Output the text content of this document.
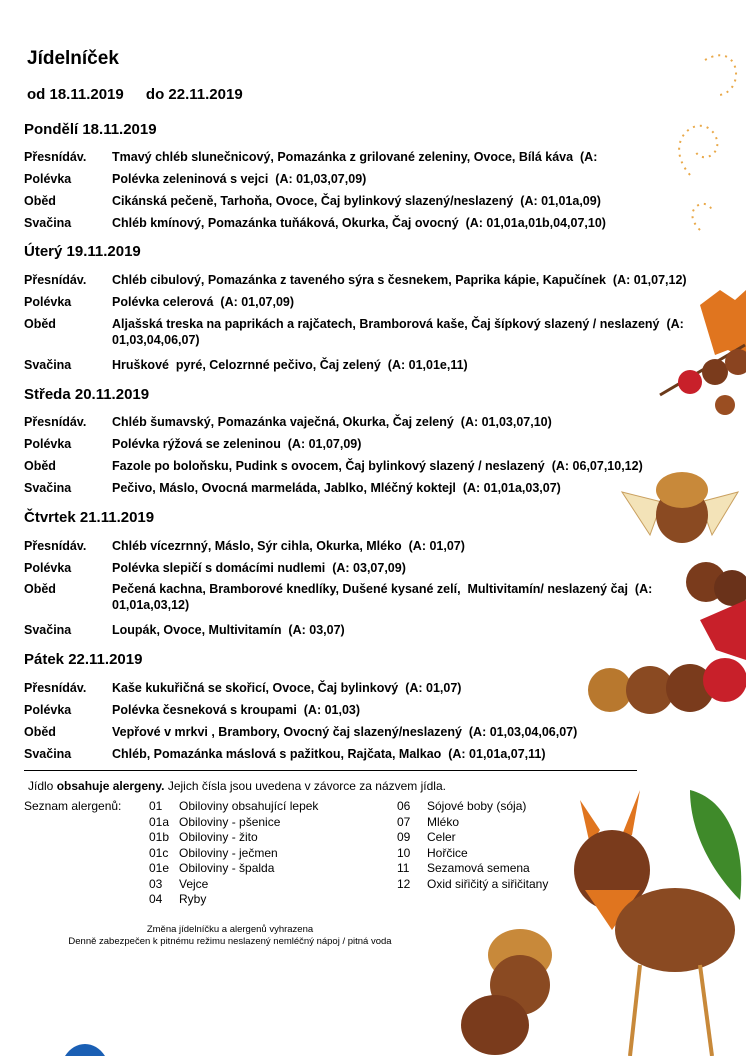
Jídelníček
od 18.11.2019 do 22.11.2019
Pondělí 18.11.2019
Přesnídáv.	Tmavý chléb slunečnicový, Pomazánka z grilované zeleniny, Ovoce, Bílá káva  (A:
Polévka	Polévka zeleninová s vejci  (A: 01,03,07,09)
Oběd	Cikánská pečeně, Tarhoňa, Ovoce, Čaj bylinkový slazený/neslazený  (A: 01,01a,09)
Svačina	Chléb kmínový, Pomazánka tuňáková, Okurka, Čaj ovocný  (A: 01,01a,01b,04,07,10)
Úterý 19.11.2019
Přesnídáv.	Chléb cibulový, Pomazánka z taveného sýra s česnekem, Paprika kápie, Kapučínek  (A: 01,07,12)
Polévka	Polévka celerová  (A: 01,07,09)
Oběd	Aljašská treska na paprikách a rajčatech, Bramborová kaše, Čaj šípkový slazený / neslazený  (A:
01,03,04,06,07)
Svačina	Hruškové  pyré, Celozrnné pečivo, Čaj zelený  (A: 01,01e,11)
Středa 20.11.2019
Přesnídáv.	Chléb šumavský, Pomazánka vaječná, Okurka, Čaj zelený  (A: 01,03,07,10)
Polévka	Polévka rýžová se zeleninou  (A: 01,07,09)
Oběd	Fazole po boloňsku, Pudink s ovocem, Čaj bylinkový slazený / neslazený  (A: 06,07,10,12)
Svačina	Pečivo, Máslo, Ovocná marmeláda, Jablko, Mléčný koktejl  (A: 01,01a,03,07)
Čtvrtek 21.11.2019
Přesnídáv.	Chléb vícezrnný, Máslo, Sýr cihla, Okurka, Mléko  (A: 01,07)
Polévka	Polévka slepičí s domácími nudlemi  (A: 03,07,09)
Oběd	Pečená kachna, Bramborové knedlíky, Dušené kysané zelí,  Multivitamín/ neslazený čaj  (A:
01,01a,03,12)
Svačina	Loupák, Ovoce, Multivitamín  (A: 03,07)
Pátek 22.11.2019
Přesnídáv.	Kaše kukuřičná se skořicí, Ovoce, Čaj bylinkový  (A: 01,07)
Polévka	Polévka česneková s kroupami  (A: 01,03)
Oběd	Vepřové v mrkvi , Brambory, Ovocný čaj slazený/neslazený  (A: 01,03,04,06,07)
Svačina	Chléb, Pomazánka máslová s pažitkou, Rajčata, Malkao  (A: 01,01a,07,11)
Jídlo obsahuje alergeny. Jejich čísla jsou uvedena v závorce za názvem jídla.
Seznam alergenů: 01 Obiloviny obsahující lepek
01a Obiloviny - pšenice
01b Obiloviny - žito
01c Obiloviny - ječmen
01e Obiloviny - špalda
03 Vejce
04 Ryby
06 Sójové boby (sója)
07 Mléko
09 Celer
10 Hořčice
11 Sezamová semena
12 Oxid siřičitý a siřičitany
Změna jídelníčku a alergenů vyhrazena
Denně zabezpečen k pitnému režimu neslazený nemléčný nápoj / pitná voda
